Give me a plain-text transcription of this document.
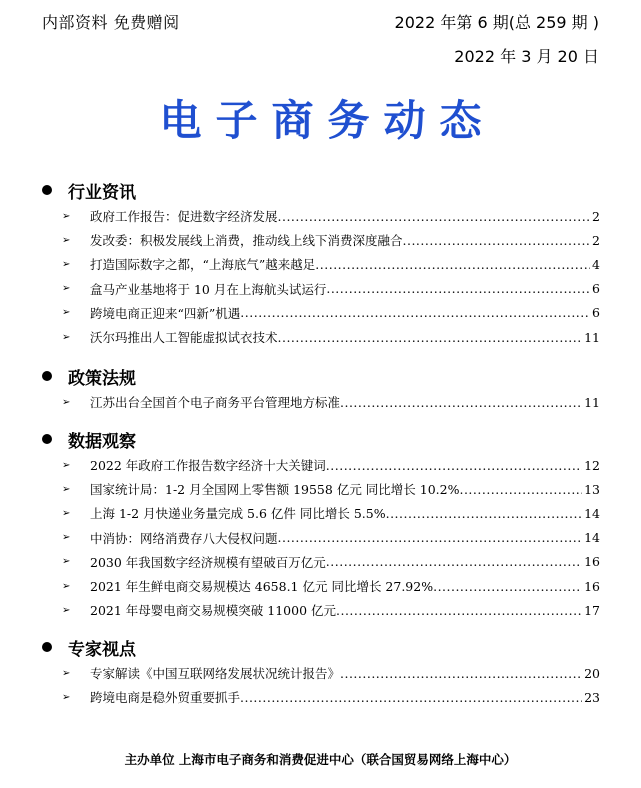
内部资料 免费赠阅	2022 年第 6 期(总 259 期 )
2022 年 3 月 20 日
电子商务动态
行业资讯
➢	政府工作报告：促进数字经济发展 .....	2
➢	发改委：积极发展线上消费，推动线上线下消费深度融合 .....	2
➢	打造国际数字之都，“上海底气”越来越足 .....	4
➢	盒马产业基地将于 10 月在上海航头试运行 .....	6
➢	跨境电商正迎来“四新”机遇 .....	6
➢	沃尔玛推出人工智能虚拟试衣技术 .....	11
政策法规
➢	江苏出台全国首个电子商务平台管理地方标准 .....	11
数据观察
➢	2022 年政府工作报告数字经济十大关键词 .....	12
➢	国家统计局：1-2 月全国网上零售额 19558 亿元 同比增长 10.2% .....	13
➢	上海 1-2 月快递业务量完成 5.6 亿件 同比增长 5.5% .....	14
➢	中消协：网络消费存八大侵权问题 .....	14
➢	2030 年我国数字经济规模有望破百万亿元 .....	16
➢	2021 年生鲜电商交易规模达 4658.1 亿元 同比增长 27.92% .....	16
➢	2021 年母婴电商交易规模突破 11000 亿元 .....	17
专家视点
➢	专家解读《中国互联网络发展状况统计报告》 .....	20
➢	跨境电商是稳外贸重要抓手 .....	23
主办单位 上海市电子商务和消费促进中心（联合国贸易网络上海中心）
